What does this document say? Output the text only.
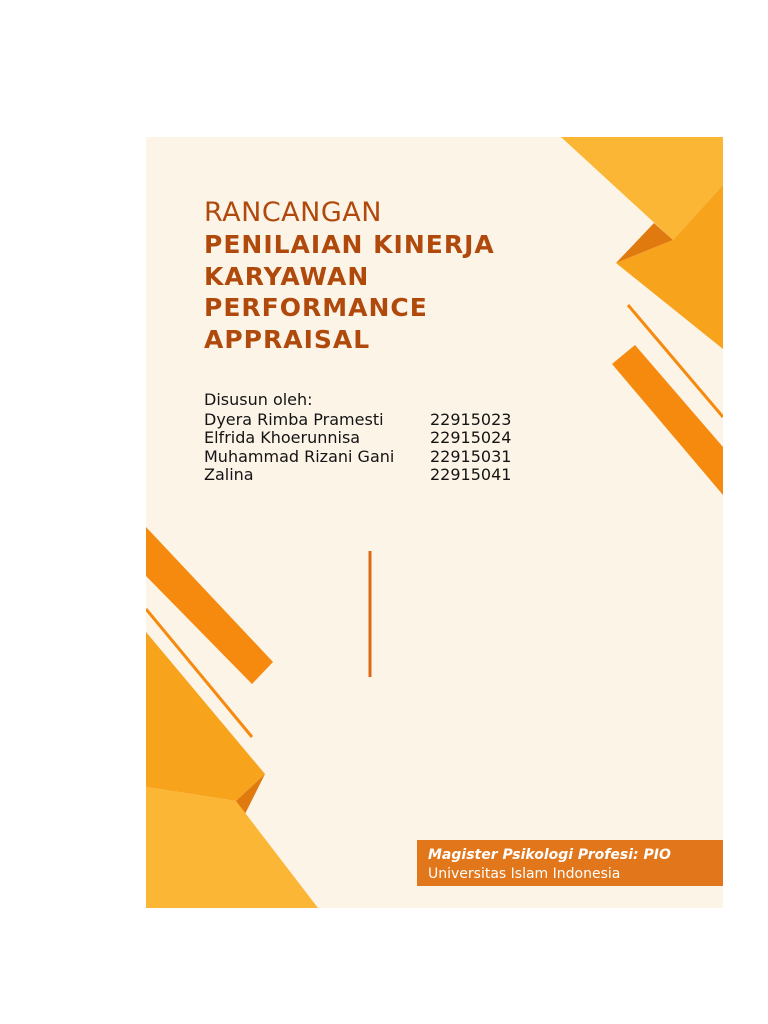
RANCANGAN

PENILAIAN KINERJA

KARYAWAN

PERFORMANCE

APPRAISAL

Disusun oleh:
Dyera Rimba Pramesti	22915023
Elfrida Khoerunnisa	22915024
Muhammad Rizani Gani	22915031
Zalina	22915041
Magister Psikologi Profesi: PIO
Universitas Islam Indonesia
